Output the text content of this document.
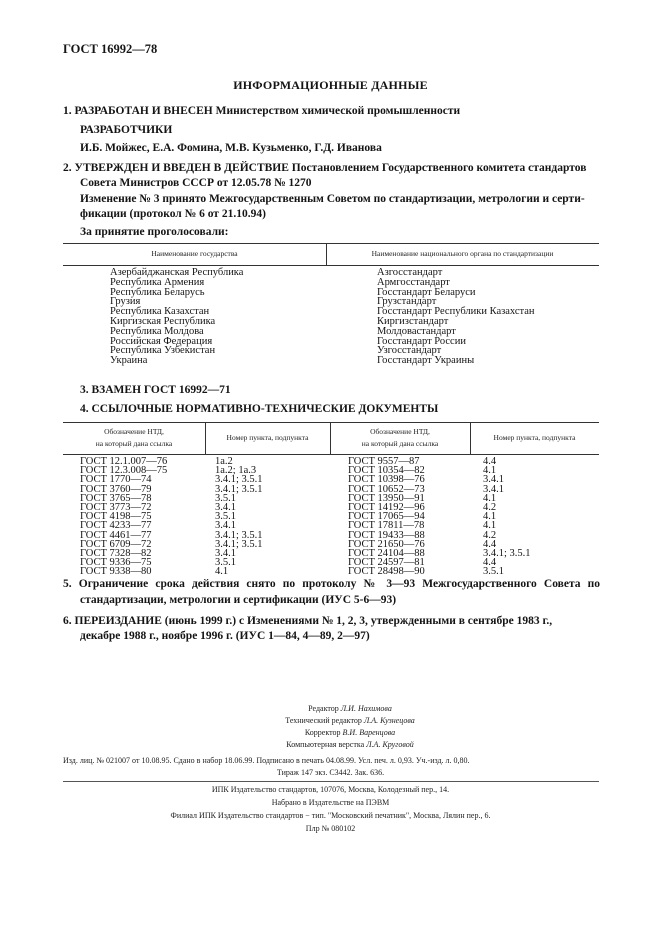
ГОСТ 16992—78
ИНФОРМАЦИОННЫЕ ДАННЫЕ
1. РАЗРАБОТАН И ВНЕСЕН Министерством химической промышленности
РАЗРАБОТЧИКИ
И.Б. Мойжес, Е.А. Фомина, М.В. Кузьменко, Г.Д. Иванова
2. УТВЕРЖДЕН И ВВЕДЕН В ДЕЙСТВИЕ Постановлением Государственного комитета стандартов
Совета Министров СССР от 12.05.78 № 1270
Изменение № 3 принято Межгосударственным Советом по стандартизации, метрологии и серти-
фикации (протокол № 6 от 21.10.94)
За принятие проголосовали:
Наименование государства	Наименование национального органа по стандартизации
Азербайджанская Республика
Республика Армения
Республика Беларусь
Грузия
Республика Казахстан
Киргизская Республика
Республика Молдова
Российская Федерация
Республика Узбекистан
Украина
Азгосстандарт
Армгосстандарт
Госстандарт Беларуси
Грузстандарт
Госстандарт Республики Казахстан
Киргизстандарт
Молдовастандарт
Госстандарт России
Узгосстандарт
Госстандарт Украины
3. ВЗАМЕН ГОСТ 16992—71
4. ССЫЛОЧНЫЕ НОРМАТИВНО-ТЕХНИЧЕСКИЕ ДОКУМЕНТЫ
Обозначение НТД,
на который дана ссылка
Номер пункта, подпункта
Обозначение НТД,
на который дана ссылка
Номер пункта, подпункта
ГОСТ 12.1.007—76
ГОСТ 12.3.008—75
ГОСТ 1770—74
ГОСТ 3760—79
ГОСТ 3765—78
ГОСТ 3773—72
ГОСТ 4198—75
ГОСТ 4233—77
ГОСТ 4461—77
ГОСТ 6709—72
ГОСТ 7328—82
ГОСТ 9336—75
ГОСТ 9338—80
1а.2
1а.2; 1а.3
3.4.1; 3.5.1
3.4.1; 3.5.1
3.5.1
3.4.1
3.5.1
3.4.1
3.4.1; 3.5.1
3.4.1; 3.5.1
3.4.1
3.5.1
4.1
ГОСТ 9557—87
ГОСТ 10354—82
ГОСТ 10398—76
ГОСТ 10652—73
ГОСТ 13950—91
ГОСТ 14192—96
ГОСТ 17065—94
ГОСТ 17811—78
ГОСТ 19433—88
ГОСТ 21650—76
ГОСТ 24104—88
ГОСТ 24597—81
ГОСТ 28498—90
4.4
4.1
3.4.1
3.4.1
4.1
4.2
4.1
4.1
4.2
4.4
3.4.1; 3.5.1
4.4
3.5.1
5. Ограничение срока действия снято по протоколу № 3—93 Межгосударственного Совета по
стандартизации, метрологии и сертификации (ИУС 5-6—93)
6. ПЕРЕИЗДАНИЕ (июнь 1999 г.) с Изменениями № 1, 2, 3, утвержденными в сентябре 1983 г.,
декабре 1988 г., ноябре 1996 г. (ИУС 1—84, 4—89, 2—97)
Редактор Л.И. Нахимова
Технический редактор Л.А. Кузнецова
Корректор В.И. Варенцова
Компьютерная верстка Л.А. Круговой
Изд. лиц. № 021007 от 10.08.95. Сдано в набор 18.06.99. Подписано в печать 04.08.99. Усл. печ. л. 0,93. Уч.-изд. л. 0,80.
Тираж 147 экз. С3442. Зак. 636.
ИПК Издательство стандартов, 107076, Москва, Колодезный пер., 14.
Набрано в Издательстве на ПЭВМ
Филиал ИПК Издательство стандартов − тип. "Московский печатник", Москва, Лялин пер., 6.
Плр № 080102
